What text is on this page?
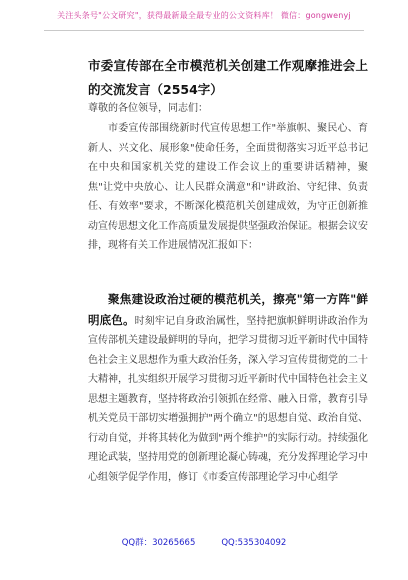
关注头条号"公文研究"，获得最新最全最专业的公文资料库！ 微信：gongwenyj
市委宣传部在全市模范机关创建工作观摩推进会上的交流发言（2554字）
尊敬的各位领导，同志们：
市委宣传部围绕新时代宣传思想工作"举旗帜、聚民心、育新人、兴文化、展形象"使命任务，全面贯彻落实习近平总书记在中央和国家机关党的建设工作会议上的重要讲话精神，聚焦"让党中央放心、让人民群众满意"和"讲政治、守纪律、负责任、有效率"要求，不断深化模范机关创建成效，为守正创新推动宣传思想文化工作高质量发展提供坚强政治保证。根据会议安排，现将有关工作进展情况汇报如下：
聚焦建设政治过硬的模范机关，擦亮"第一方阵"鲜明底色。时刻牢记自身政治属性，坚持把旗帜鲜明讲政治作为宣传部机关建设最鲜明的导向，把学习贯彻习近平新时代中国特色社会主义思想作为重大政治任务，深入学习宣传贯彻党的二十大精神，扎实组织开展学习贯彻习近平新时代中国特色社会主义思想主题教育，坚持将政治引领抓在经常、融入日常，教育引导机关党员干部切实增强拥护"两个确立"的思想自觉、政治自觉、行动自觉，并将其转化为做到"两个维护"的实际行动。持续强化理论武装，坚持用党的创新理论凝心铸魂，充分发挥理论学习中心组领学促学作用，修订《市委宣传部理论学习中心组学
QQ群：30265665	QQ:535304092
